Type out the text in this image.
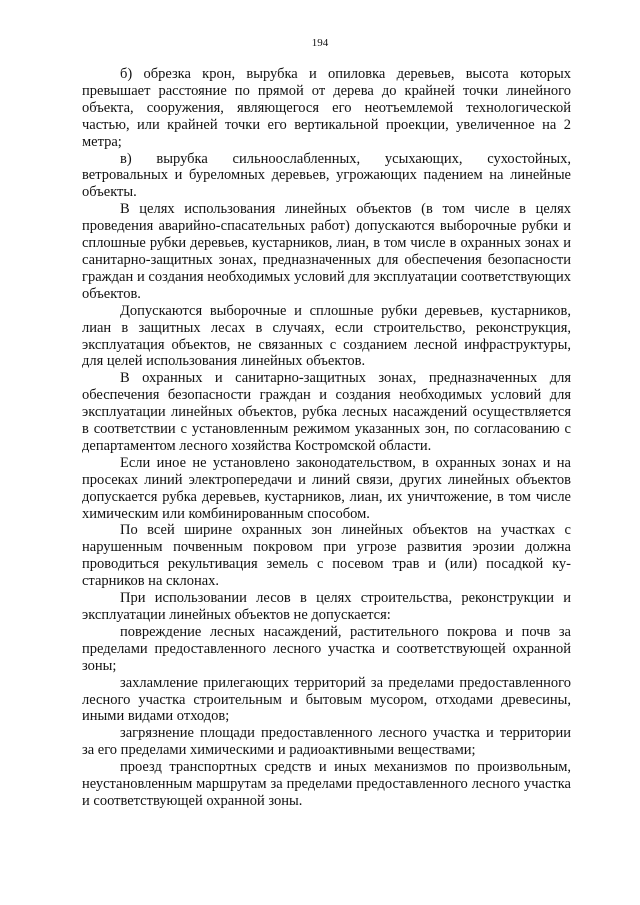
194

б) обрезка крон, вырубка и опиловка деревьев, высота которых превышает расстояние по прямой от дерева до крайней точки линейного объекта, сооружения, являющегося его неотъемлемой технологической частью, или крайней точки его вертикальной проекции, увеличенное на 2 метра;

в) вырубка сильноослабленных, усыхающих, сухостойных, ветровальных и буреломных деревьев, угрожающих падением на линейные объекты.

В целях использования линейных объектов (в том числе в целях проведения аварийно-спасательных работ) допускаются выборочные рубки и сплошные рубки деревьев, кустарников, лиан, в том числе в охранных зонах и санитарно-защитных зонах, предназначенных для обеспечения безопасности граждан и создания необходимых условий для эксплуатации соответствующих объектов.

Допускаются выборочные и сплошные рубки деревьев, кустарников, лиан в защитных лесах в случаях, если строительство, реконструкция, эксплуатация объектов, не связанных с созданием лесной инфраструктуры, для целей использования линейных объектов.

В охранных и санитарно-защитных зонах, предназначенных для обеспечения безопасности граждан и создания необходимых условий для эксплуатации линейных объектов, рубка лесных насаждений осуществляется в соответствии с установленным режимом указанных зон, по согласованию с департаментом лесного хозяйства Костромской области.

Если иное не установлено законодательством, в охранных зонах и на просеках линий электропередачи и линий связи, других линейных объектов допускается рубка деревьев, кустарников, лиан, их уничтожение, в том числе химическим или комбинированным способом.

По всей ширине охранных зон линейных объектов на участках с нарушенным почвенным покровом при угрозе развития эрозии должна проводиться рекультивация земель с посевом трав и (или) посадкой кустарников на склонах.

При использовании лесов в целях строительства, реконструкции и эксплуатации линейных объектов не допускается:

повреждение лесных насаждений, растительного покрова и почв за пределами предоставленного лесного участка и соответствующей охранной зоны;

захламление прилегающих территорий за пределами предоставленного лесного участка строительным и бытовым мусором, отходами древесины, иными видами отходов;

загрязнение площади предоставленного лесного участка и территории за его пределами химическими и радиоактивными веществами;

проезд транспортных средств и иных механизмов по произвольным, неустановленным маршрутам за пределами предоставленного лесного участка и соответствующей охранной зоны.
